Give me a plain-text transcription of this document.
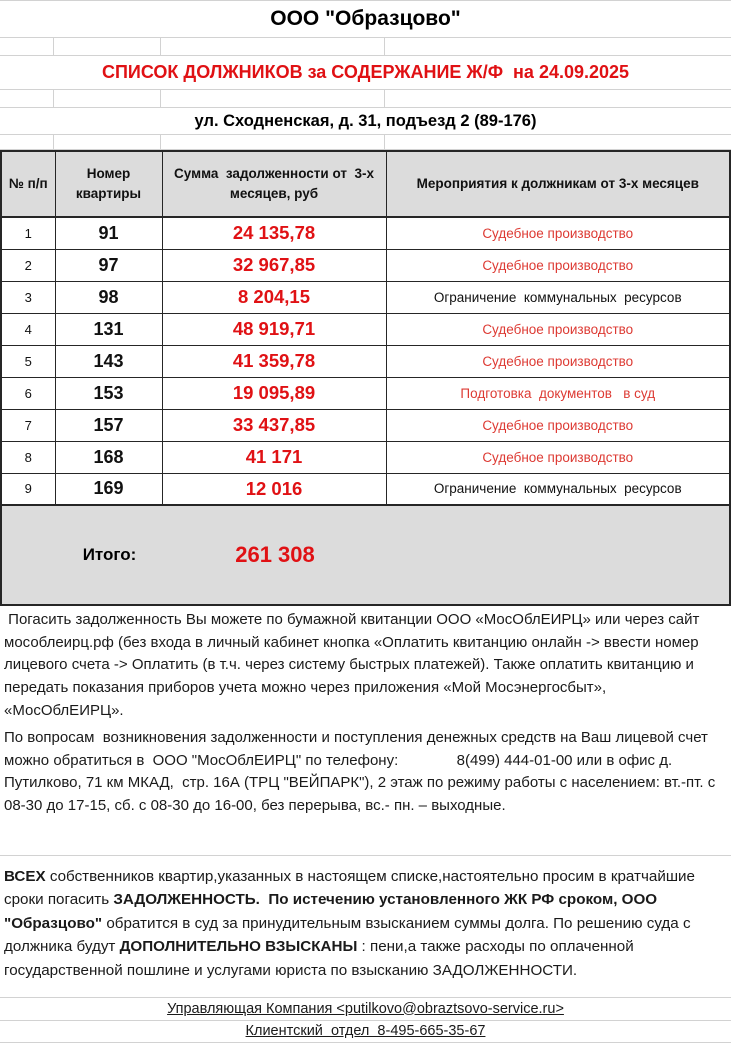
ООО "Образцово"
СПИСОК ДОЛЖНИКОВ за СОДЕРЖАНИЕ Ж/Ф  на 24.09.2025
ул. Сходненская, д. 31, подъезд 2 (89-176)
№ п/п	Номер квартиры	Сумма  задолженности от  3-х месяцев, руб	Мероприятия к должникам от 3-х месяцев
1	91	24 135,78	Судебное производство
2	97	32 967,85	Судебное производство
3	98	8 204,15	Ограничение  коммунальных  ресурсов
4	131	48 919,71	Судебное производство
5	143	41 359,78	Судебное производство
6	153	19 095,89	Подготовка  документов   в суд
7	157	33 437,85	Судебное производство
8	168	41 171	Судебное производство
9	169	12 016	Ограничение  коммунальных  ресурсов

Итого: 261 308			

Погасить задолженность Вы можете по бумажной квитанции ООО «МосОблЕИРЦ» или через сайт мособлеирц.рф (без входа в личный кабинет кнопка «Оплатить квитанцию онлайн -> ввести номер лицевого счета -> Оплатить (в т.ч. через систему быстрых платежей). Также оплатить квитанцию и передать показания приборов учета можно через приложения «Мой Мосэнергосбыт», «МосОблЕИРЦ».
По вопросам  возникновения задолженности и поступления денежных средств на Ваш лицевой счет можно обратиться в  ООО "МосОблЕИРЦ" по телефону:              8(499) 444-01-00 или в офис д. Путилково, 71 км МКАД,  стр. 16А (ТРЦ "ВЕЙПАРК"), 2 этаж по режиму работы с населением: вт.-пт. с 08-30 до 17-15, сб. с 08-30 до 16-00, без перерыва, вс.- пн. – выходные.
ВСЕХ собственников квартир,указанных в настоящем списке,настоятельно просим в кратчайшие сроки погасить ЗАДОЛЖЕННОСТЬ. По истечению установленного ЖК РФ сроком, ООО "Образцово" обратится в суд за принудительным взысканием суммы долга. По решению суда с должника будут ДОПОЛНИТЕЛЬНО ВЗЫСКАНЫ : пени,а также расходы по оплаченной государственной пошлине и услугами юриста по взысканию ЗАДОЛЖЕННОСТИ.
Управляющая Компания <putilkovo@obraztsovo-service.ru>
Клиентский  отдел  8-495-665-35-67
